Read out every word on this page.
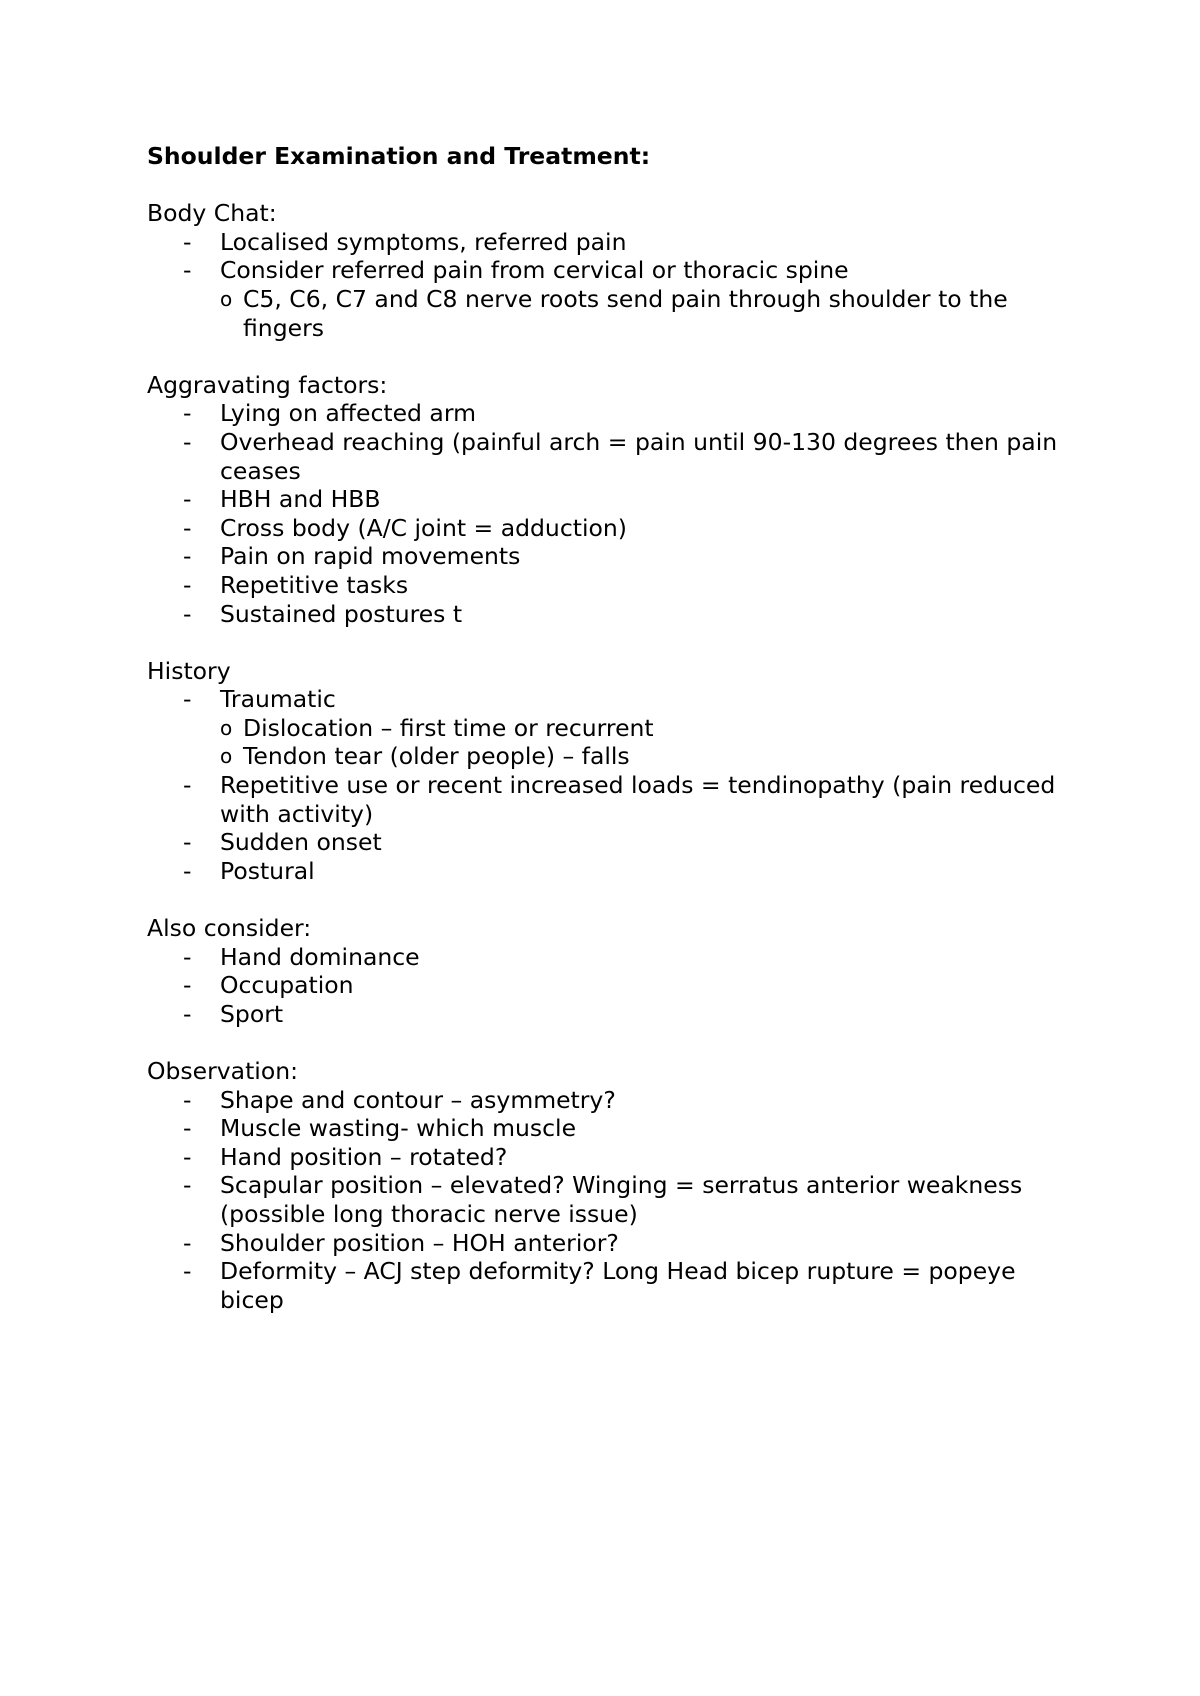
Shoulder Examination and Treatment:

Body Chat:

- Localised symptoms, referred pain
- Consider referred pain from cervical or thoracic spine
o C5, C6, C7 and C8 nerve roots send pain through shoulder to the fingers

Aggravating factors:

- Lying on affected arm
- Overhead reaching (painful arch = pain until 90-130 degrees then pain ceases
- HBH and HBB
- Cross body (A/C joint = adduction)
- Pain on rapid movements
- Repetitive tasks
- Sustained postures t

History

- Traumatic
o Dislocation – first time or recurrent
o Tendon tear (older people) – falls
- Repetitive use or recent increased loads = tendinopathy (pain reduced with activity)
- Sudden onset
- Postural

Also consider:

- Hand dominance
- Occupation
- Sport

Observation:

- Shape and contour – asymmetry?
- Muscle wasting- which muscle
- Hand position – rotated?
- Scapular position – elevated? Winging = serratus anterior weakness (possible long thoracic nerve issue)
- Shoulder position – HOH anterior?
- Deformity – ACJ step deformity? Long Head bicep rupture = popeye bicep
